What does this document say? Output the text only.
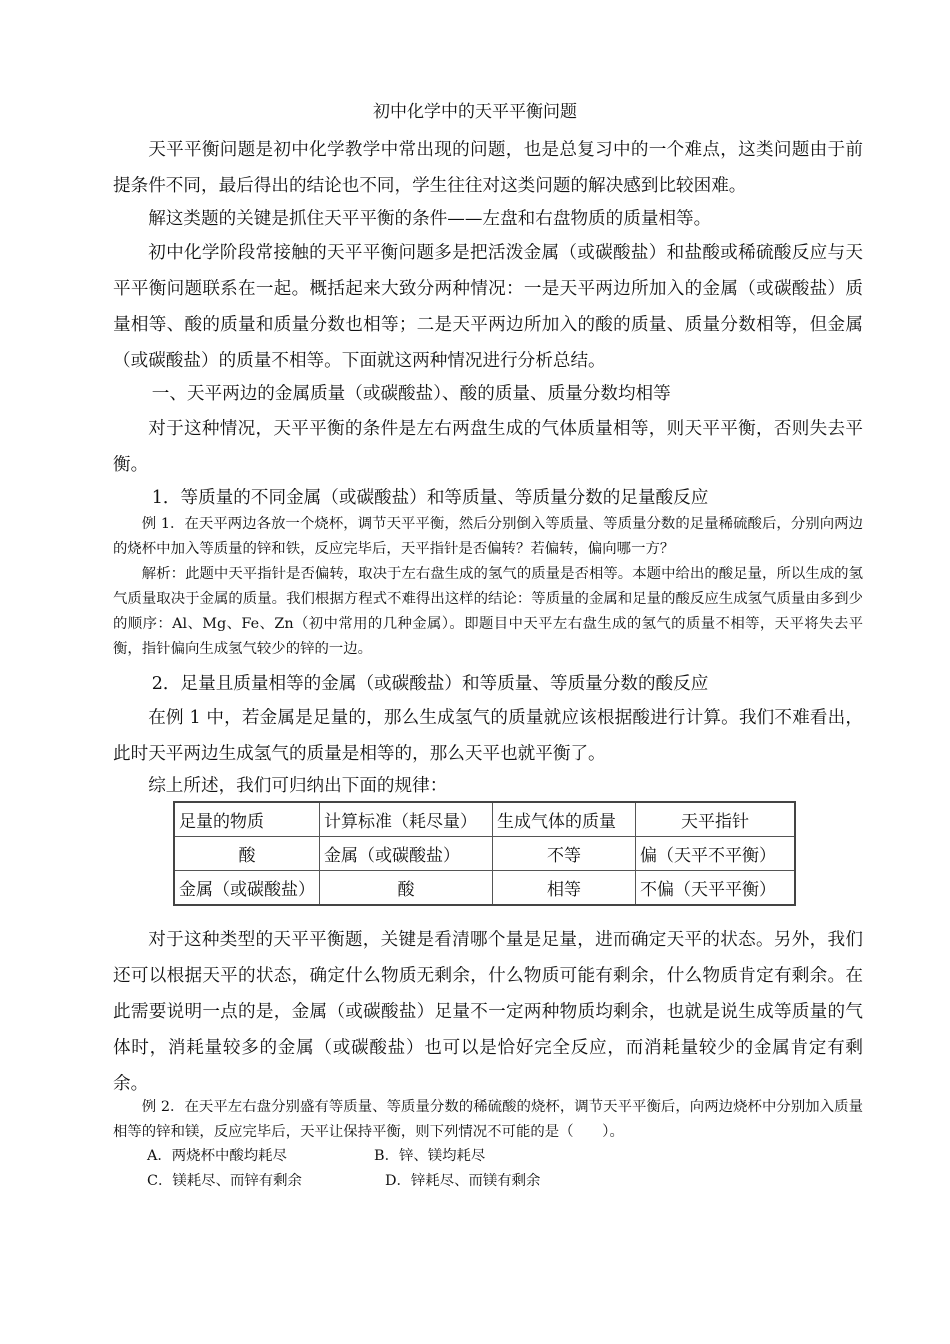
初中化学中的天平平衡问题

天平平衡问题是初中化学教学中常出现的问题，也是总复习中的一个难点，这类问题由于前提条件不同，最后得出的结论也不同，学生往往对这类问题的解决感到比较困难。

解这类题的关键是抓住天平平衡的条件——左盘和右盘物质的质量相等。

初中化学阶段常接触的天平平衡问题多是把活泼金属（或碳酸盐）和盐酸或稀硫酸反应与天平平衡问题联系在一起。概括起来大致分两种情况：一是天平两边所加入的金属（或碳酸盐）质量相等、酸的质量和质量分数也相等；二是天平两边所加入的酸的质量、质量分数相等，但金属（或碳酸盐）的质量不相等。下面就这两种情况进行分析总结。

一、天平两边的金属质量（或碳酸盐）、酸的质量、质量分数均相等

对于这种情况，天平平衡的条件是左右两盘生成的气体质量相等，则天平平衡，否则失去平衡。

1．等质量的不同金属（或碳酸盐）和等质量、等质量分数的足量酸反应

例 1．在天平两边各放一个烧杯，调节天平平衡，然后分别倒入等质量、等质量分数的足量稀硫酸后，分别向两边的烧杯中加入等质量的锌和铁，反应完毕后，天平指针是否偏转？若偏转，偏向哪一方？

解析：此题中天平指针是否偏转，取决于左右盘生成的氢气的质量是否相等。本题中给出的酸足量，所以生成的氢气质量取决于金属的质量。我们根据方程式不难得出这样的结论：等质量的金属和足量的酸反应生成氢气质量由多到少的顺序：Al、Mg、Fe、Zn（初中常用的几种金属）。即题目中天平左右盘生成的氢气的质量不相等，天平将失去平衡，指针偏向生成氢气较少的锌的一边。

2．足量且质量相等的金属（或碳酸盐）和等质量、等质量分数的酸反应

在例 1 中，若金属是足量的，那么生成氢气的质量就应该根据酸进行计算。我们不难看出，此时天平两边生成氢气的质量是相等的，那么天平也就平衡了。

综上所述，我们可归纳出下面的规律：

足量的物质	计算标准（耗尽量）	生成气体的质量	天平指针
酸	金属（或碳酸盐）	不等	偏（天平不平衡）
金属（或碳酸盐）	酸	相等	不偏（天平平衡）

对于这种类型的天平平衡题，关键是看清哪个量是足量，进而确定天平的状态。另外，我们还可以根据天平的状态，确定什么物质无剩余，什么物质可能有剩余，什么物质肯定有剩余。在此需要说明一点的是，金属（或碳酸盐）足量不一定两种物质均剩余，也就是说生成等质量的气体时，消耗量较多的金属（或碳酸盐）也可以是恰好完全反应，而消耗量较少的金属肯定有剩余。

例 2．在天平左右盘分别盛有等质量、等质量分数的稀硫酸的烧杯，调节天平平衡后，向两边烧杯中分别加入质量相等的锌和镁，反应完毕后，天平让保持平衡，则下列情况不可能的是（　　）。

A．两烧杯中酸均耗尽	B．锌、镁均耗尽
C．镁耗尽、而锌有剩余	D．锌耗尽、而镁有剩余
